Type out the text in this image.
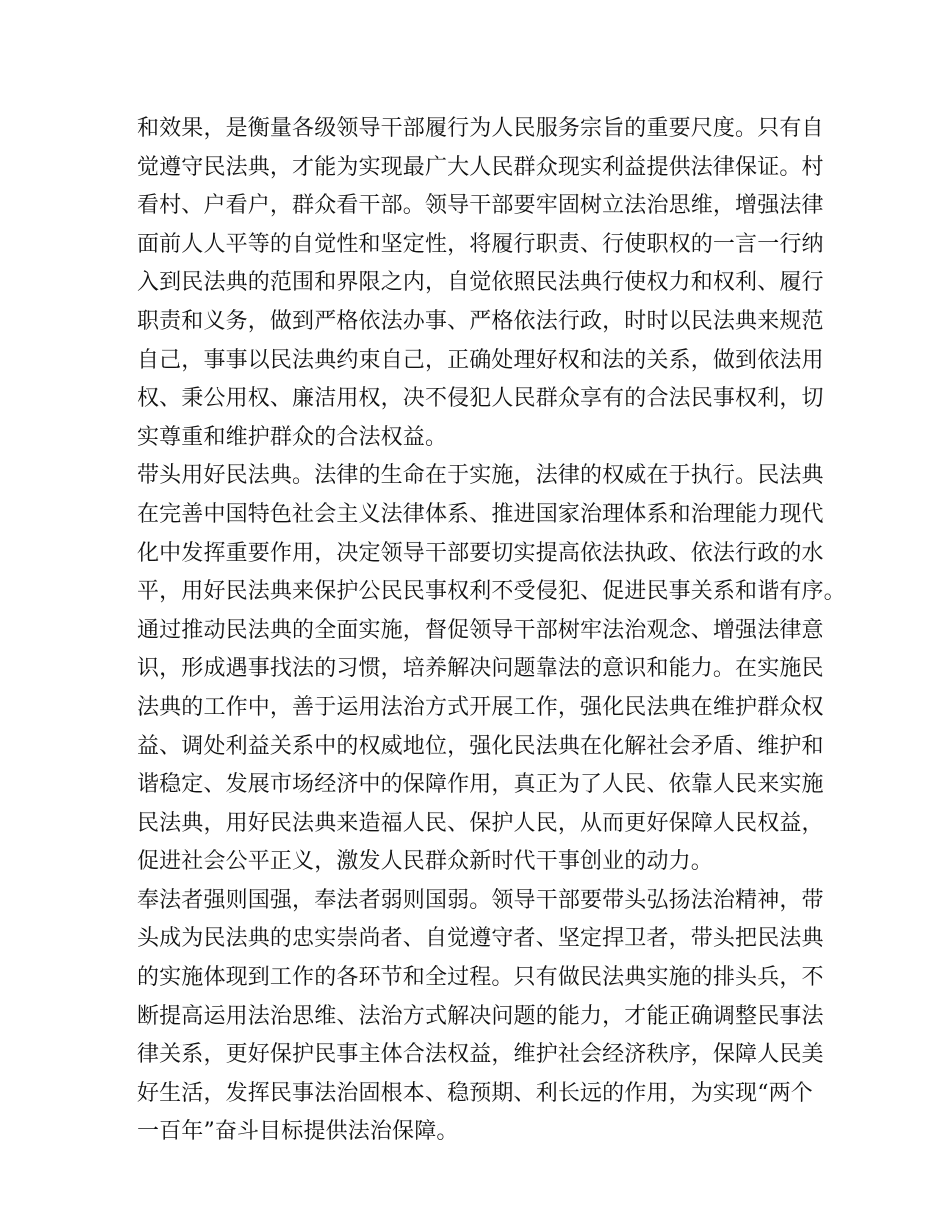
和效果，是衡量各级领导干部履行为人民服务宗旨的重要尺度。只有自
觉遵守民法典，才能为实现最广大人民群众现实利益提供法律保证。村
看村、户看户，群众看干部。领导干部要牢固树立法治思维，增强法律
面前人人平等的自觉性和坚定性，将履行职责、行使职权的一言一行纳
入到民法典的范围和界限之内，自觉依照民法典行使权力和权利、履行
职责和义务，做到严格依法办事、严格依法行政，时时以民法典来规范
自己，事事以民法典约束自己，正确处理好权和法的关系，做到依法用
权、秉公用权、廉洁用权，决不侵犯人民群众享有的合法民事权利，切
实尊重和维护群众的合法权益。
带头用好民法典。法律的生命在于实施，法律的权威在于执行。民法典
在完善中国特色社会主义法律体系、推进国家治理体系和治理能力现代
化中发挥重要作用，决定领导干部要切实提高依法执政、依法行政的水
平，用好民法典来保护公民民事权利不受侵犯、促进民事关系和谐有序。
通过推动民法典的全面实施，督促领导干部树牢法治观念、增强法律意
识，形成遇事找法的习惯，培养解决问题靠法的意识和能力。在实施民
法典的工作中，善于运用法治方式开展工作，强化民法典在维护群众权
益、调处利益关系中的权威地位，强化民法典在化解社会矛盾、维护和
谐稳定、发展市场经济中的保障作用，真正为了人民、依靠人民来实施
民法典，用好民法典来造福人民、保护人民，从而更好保障人民权益，
促进社会公平正义，激发人民群众新时代干事创业的动力。
奉法者强则国强，奉法者弱则国弱。领导干部要带头弘扬法治精神，带
头成为民法典的忠实崇尚者、自觉遵守者、坚定捍卫者，带头把民法典
的实施体现到工作的各环节和全过程。只有做民法典实施的排头兵，不
断提高运用法治思维、法治方式解决问题的能力，才能正确调整民事法
律关系，更好保护民事主体合法权益，维护社会经济秩序，保障人民美
好生活，发挥民事法治固根本、稳预期、利长远的作用，为实现“两个
一百年”奋斗目标提供法治保障。
